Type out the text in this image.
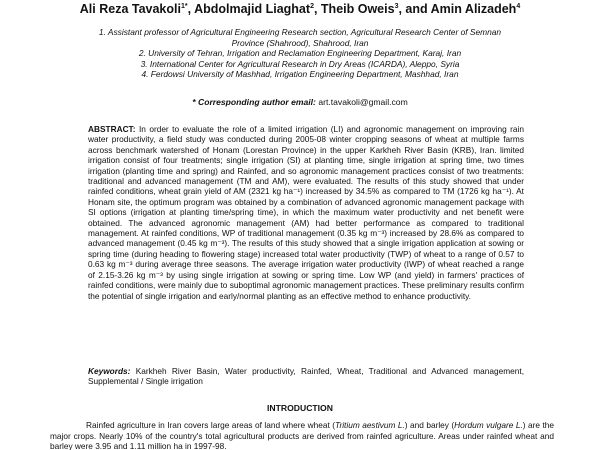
Ali Reza Tavakoli$^{1*}$, Abdolmajid Liaghat$^2$, Theib Oweis$^3$, and Amin Alizadeh$^4$
1. Assistant professor of Agricultural Engineering Research section, Agricultural Research Center of Semnan
Province (Shahrood), Shahrood, Iran
2. University of Tehran, Irrigation and Reclamation Engineering Department, Karaj, Iran
3. International Center for Agricultural Research in Dry Areas (ICARDA), Aleppo, Syria
4. Ferdowsi University of Mashhad, Irrigation Engineering Department, Mashhad, Iran
* Corresponding author email: art.tavakoli@gmail.com
ABSTRACT: In order to evaluate the role of a limited irrigation (LI) and agronomic management on improving rain water productivity, a field study was conducted during 2005-08 winter cropping seasons of wheat at multiple farms across benchmark watershed of Honam (Lorestan Province) in the upper Karkheh River Basin (KRB), Iran. limited irrigation consist of four treatments; single irrigation (SI) at planting time, single irrigation at spring time, two times irrigation (planting time and spring) and Rainfed, and so agronomic management practices consist of two treatments: traditional and advanced management (TM and AM), were evaluated. The results of this study showed that under rainfed conditions, wheat grain yield of AM (2321 kg ha⁻¹) increased by 34.5% as compared to TM (1726 kg ha⁻¹). At Honam site, the optimum program was obtained by a combination of advanced agronomic management package with SI options (irrigation at planting time/spring time), in which the maximum water productivity and net benefit were obtained. The advanced agronomic management (AM) had better performance as compared to traditional management. At rainfed conditions, WP of traditional management (0.35 kg m⁻³) increased by 28.6% as compared to advanced management (0.45 kg m⁻³). The results of this study showed that a single irrigation application at sowing or spring time (during heading to flowering stage) increased total water productivity (TWP) of wheat to a range of 0.57 to 0.63 kg m⁻³ during average three seasons. The average irrigation water productivity (IWP) of wheat reached a range of 2.15-3.26 kg m⁻³ by using single irrigation at sowing or spring time. Low WP (and yield) in farmers' practices of rainfed conditions, were mainly due to suboptimal agronomic management practices. These preliminary results confirm the potential of single irrigation and early/normal planting as an effective method to enhance productivity.
Keywords: Karkheh River Basin, Water productivity, Rainfed, Wheat, Traditional and Advanced management, Supplemental / Single irrigation
INTRODUCTION
Rainfed agriculture in Iran covers large areas of land where wheat (Tritium aestivum L.) and barley (Hordum vulgare L.) are the major crops. Nearly 10% of the country's total agricultural products are derived from rainfed agriculture. Areas under rainfed wheat and barley were 3.95 and 1.11 million ha in 1997-98.
